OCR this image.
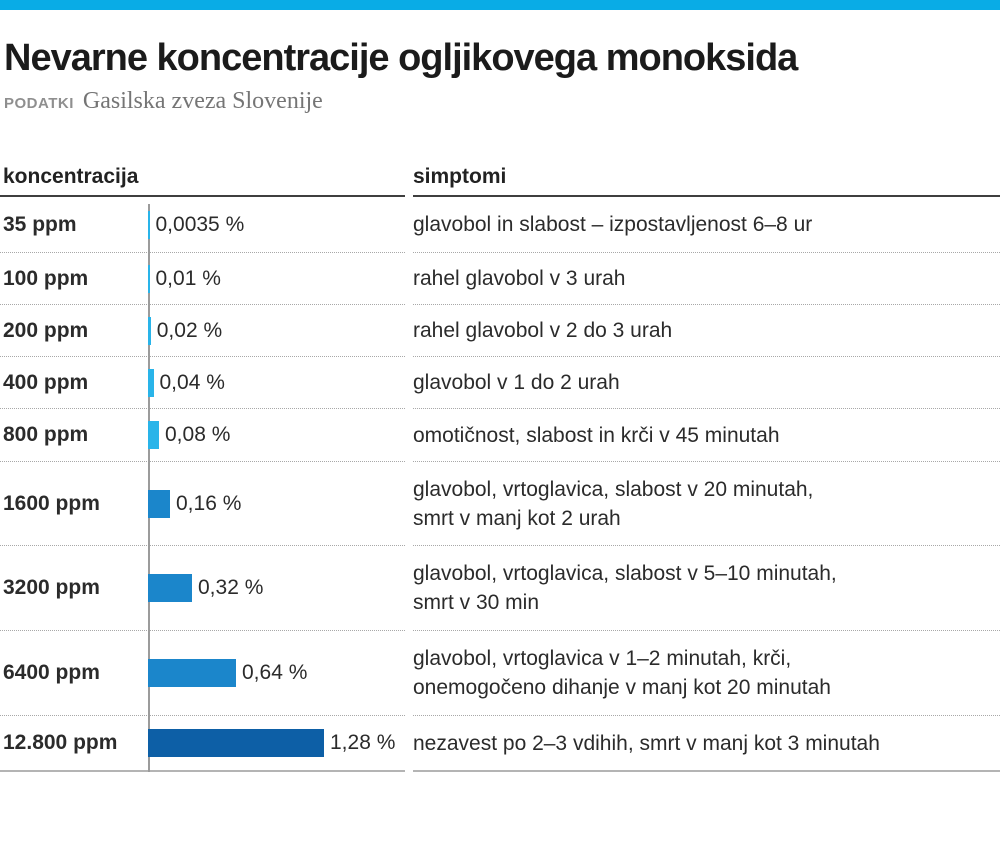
Nevarne koncentracije ogljikovega monoksida
PODATKI Gasilska zveza Slovenije
koncentracija	simptomi
35 ppm	0,0035 %	glavobol in slabost – izpostavljenost 6–8 ur
100 ppm	0,01 %	rahel glavobol v 3 urah
200 ppm	0,02 %	rahel glavobol v 2 do 3 urah
400 ppm	0,04 %	glavobol v 1 do 2 urah
800 ppm	0,08 %	omotičnost, slabost in krči v 45 minutah
1600 ppm	0,16 %
glavobol, vrtoglavica, slabost v 20 minutah,
smrt v manj kot 2 urah
3200 ppm	0,32 %
glavobol, vrtoglavica, slabost v 5–10 minutah,
smrt v 30 min
6400 ppm	0,64 %
glavobol, vrtoglavica v 1–2 minutah, krči,
onemogočeno dihanje v manj kot 20 minutah
12.800 ppm	1,28 % nezavest po 2–3 vdihih, smrt v manj kot 3 minutah
